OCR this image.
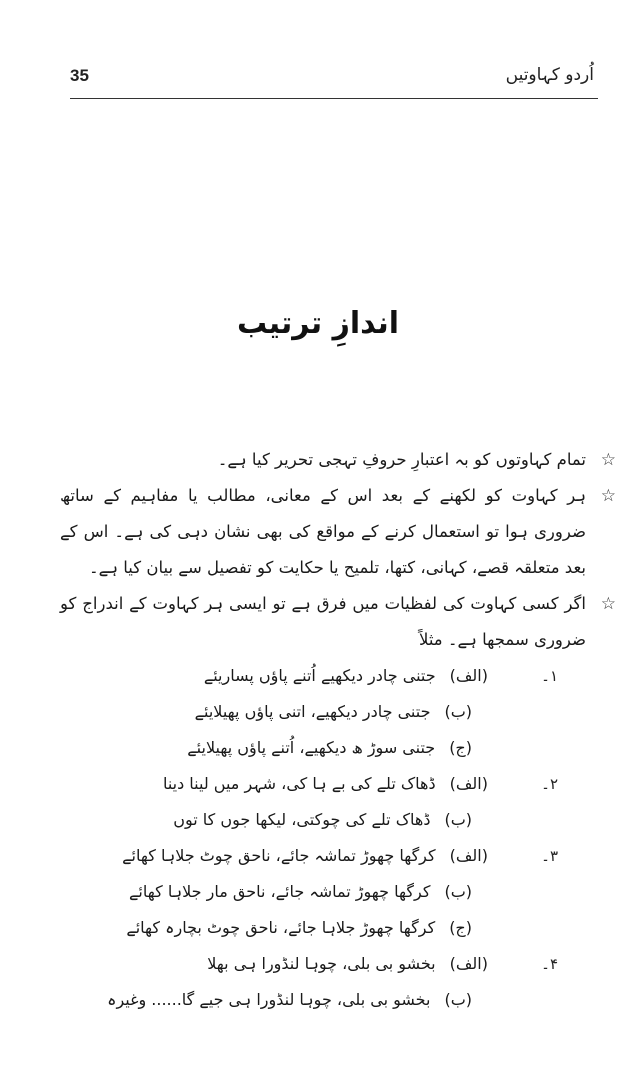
35	اُردو کہاوتیں
اندازِ ترتیب
☆
تمام کہاوتوں کو بہ اعتبارِ حروفِ تہجی تحریر کیا ہے۔
☆
ہر کہاوت کو لکھنے کے بعد اس کے معانی، مطالب یا مفاہیم کے ساتھ ضروری ہوا تو استعمال کرنے کے مواقع کی بھی نشان دہی کی ہے۔ اس کے بعد متعلقہ قصے، کہانی، کتھا، تلمیح یا حکایت کو تفصیل سے بیان کیا ہے۔
☆
اگر کسی کہاوت کی لفظیات میں فرق ہے تو ایسی ہر کہاوت کے اندراج کو ضروری سمجھا ہے۔ مثلاً
۱۔
(الف)جتنی چادر دیکھیے اُتنے پاؤں پساریئے
(ب)جتنی چادر دیکھیے، اتنی پاؤں پھیلایئے
(ج)جتنی سوڑ ھ دیکھیے، اُتنے پاؤں پھیلایئے
۲۔
(الف)ڈھاک تلے کی بے ہا کی، شہر میں لینا دینا
(ب)ڈھاک تلے کی چوکتی، لیکھا جوں کا توں
۳۔
(الف)کرگھا چھوڑ تماشہ جائے، ناحق چوٹ جلاہا کھائے
(ب)کرگھا چھوڑ تماشہ جائے، ناحق مار جلاہا کھائے
(ج)کرگھا چھوڑ جلاہا جائے، ناحق چوٹ بچارہ کھائے
۴۔
(الف)بخشو بی بلی، چوہا لنڈورا ہی بھلا
(ب)بخشو بی بلی، چوہا لنڈورا ہی جیے گا...... وغیرہ
